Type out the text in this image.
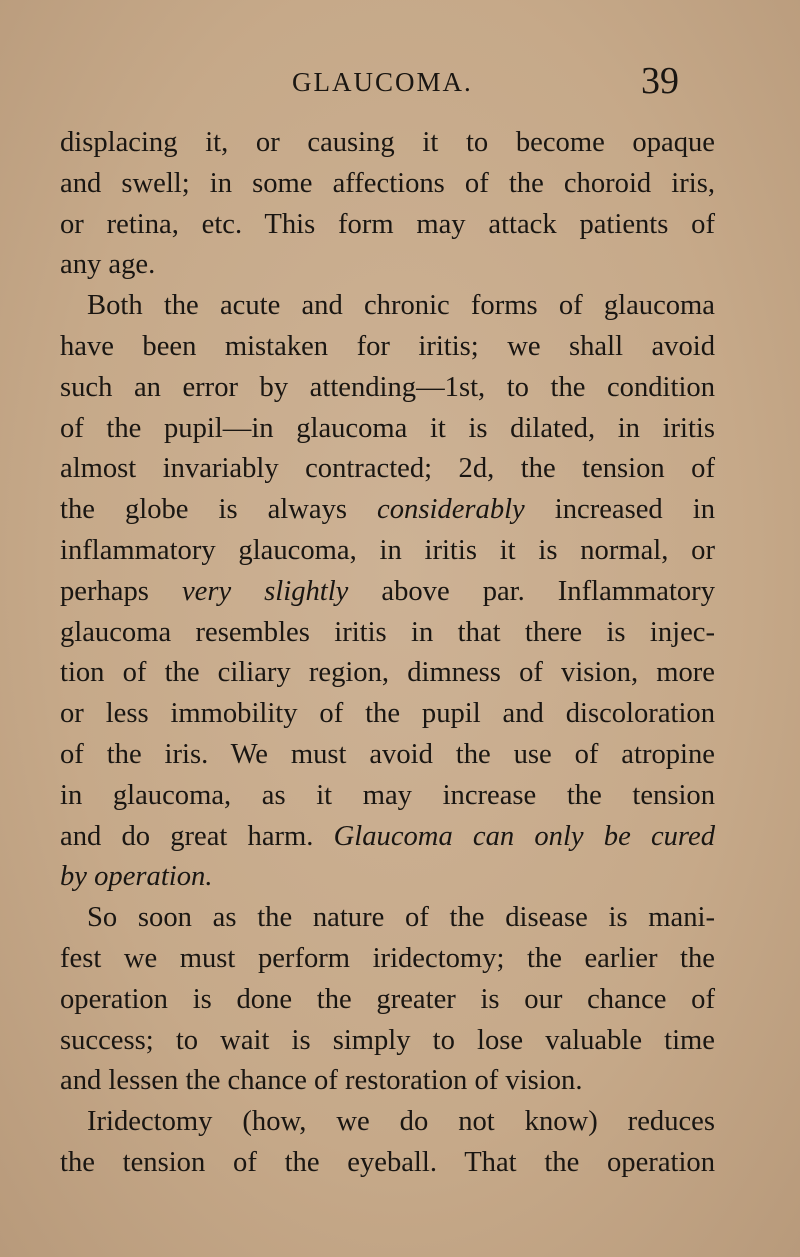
GLAUCOMA.	39
displacing it, or causing it to become opaque
and swell; in some affections of the choroid iris,
or retina, etc. This form may attack patients of
any age.
Both the acute and chronic forms of glaucoma
have been mistaken for iritis; we shall avoid
such an error by attending—1st, to the condition
of the pupil—in glaucoma it is dilated, in iritis
almost invariably contracted; 2d, the tension of
the globe is always considerably increased in
inflammatory glaucoma, in iritis it is normal, or
perhaps very slightly above par. Inflammatory
glaucoma resembles iritis in that there is injec-
tion of the ciliary region, dimness of vision, more
or less immobility of the pupil and discoloration
of the iris. We must avoid the use of atropine
in glaucoma, as it may increase the tension
and do great harm. Glaucoma can only be cured
by operation.
So soon as the nature of the disease is mani-
fest we must perform iridectomy; the earlier the
operation is done the greater is our chance of
success; to wait is simply to lose valuable time
and lessen the chance of restoration of vision.
Iridectomy (how, we do not know) reduces
the tension of the eyeball. That the operation
